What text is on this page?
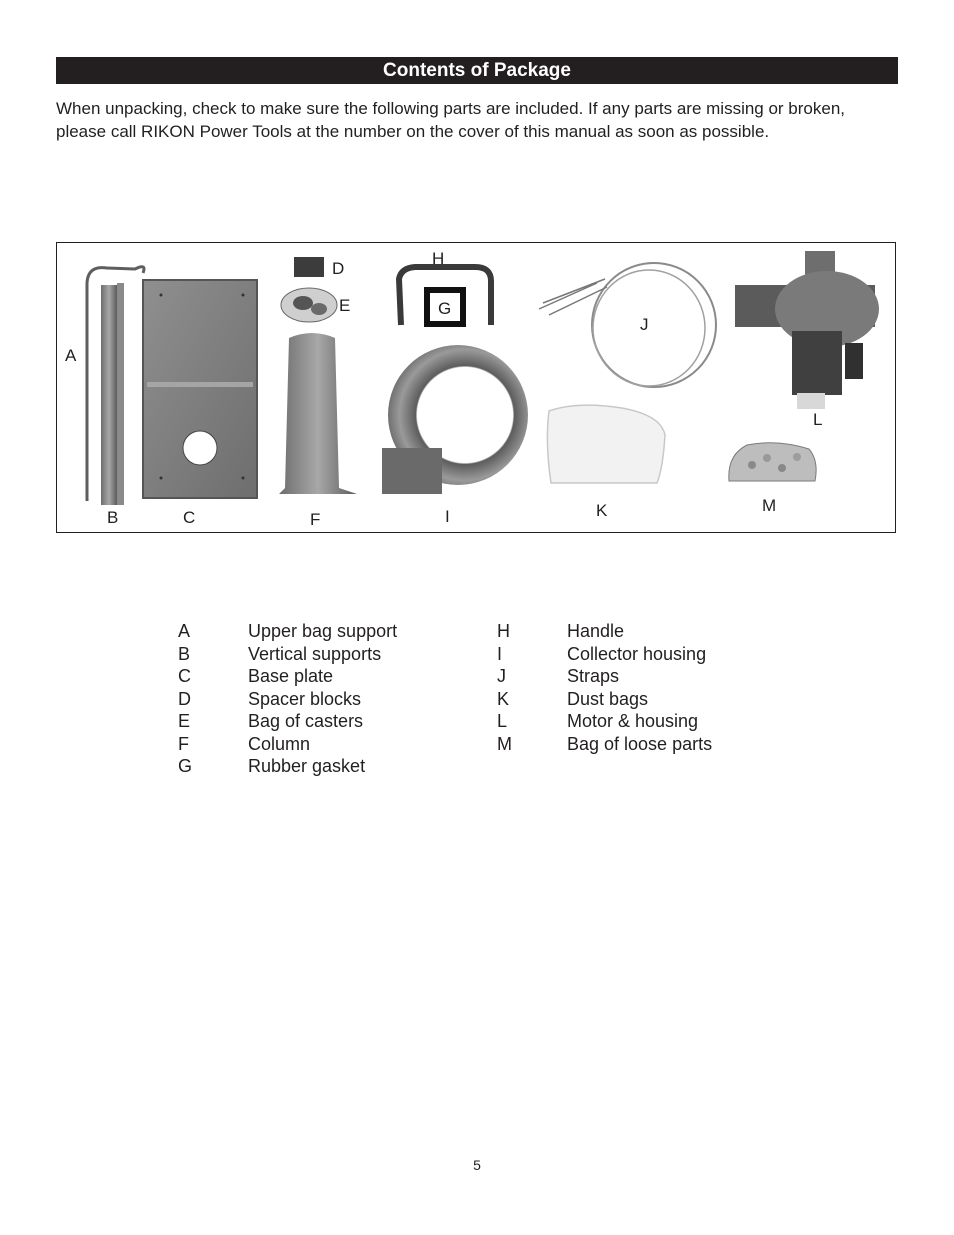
Contents of Package
When unpacking, check to make sure the following parts are included. If any parts are missing or broken, please call RIKON Power Tools at the number on the cover of this manual as soon as possible.
A
B	C
D
E
F
G
H
I
J
K
L
M
A	Upper bag support
B	Vertical supports
C	Base plate
D	Spacer blocks
E	Bag of casters
F	Column
G	Rubber gasket
H	Handle
I	Collector housing
J	Straps
K	Dust bags
L	Motor & housing
M	Bag of loose parts
5
